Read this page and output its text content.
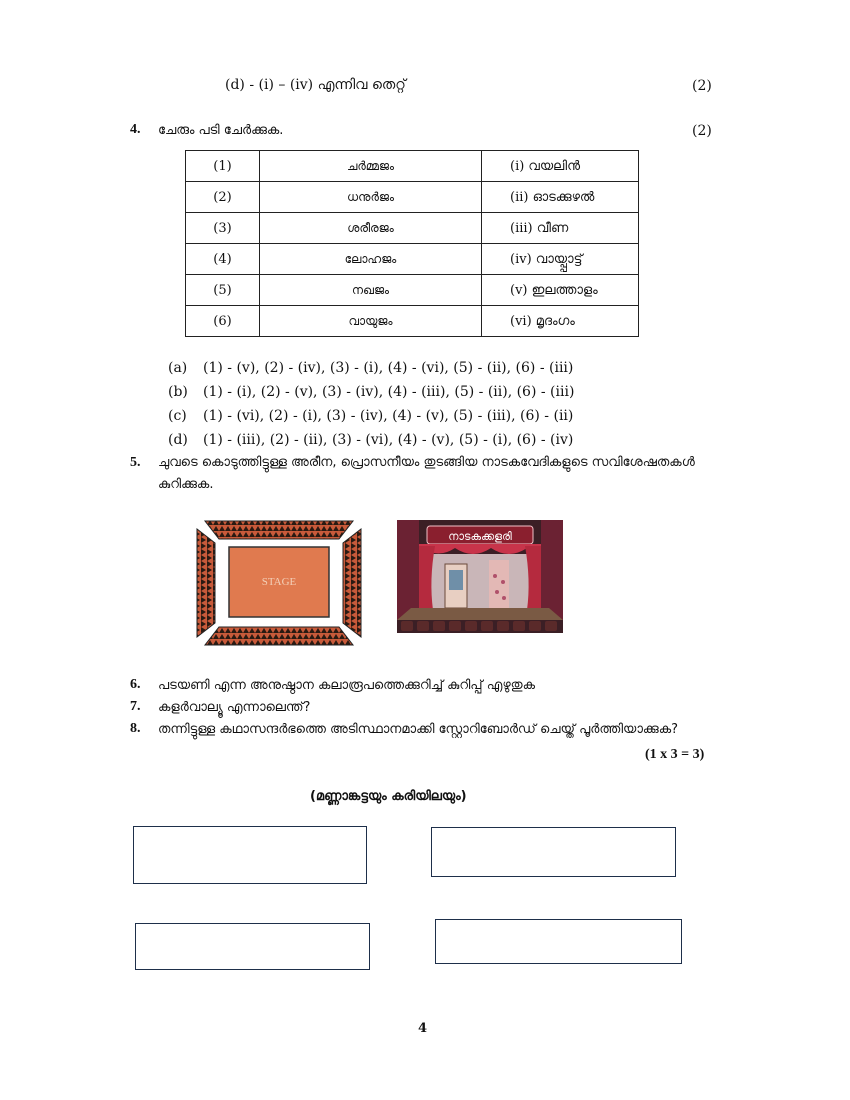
(d) - (i) – (iv) എന്നിവ തെറ്റ്	(2)
4. ചേരും പടി ചേർക്കുക.	(2)
(1)	ചർമ്മജം	(i) വയലിൻ
(2)	ധനുർജം	(ii) ഓടക്കുഴൽ
(3)	ശരീരജം	(iii) വീണ
(4)	ലോഹജം	(iv) വായ്പ്പാട്ട്
(5)	നഖജം	(v) ഇലത്താളം
(6)	വായുജം	(vi) മൃദംഗം
(a) (1) - (v), (2) - (iv), (3) - (i), (4) - (vi), (5) - (ii), (6) - (iii)
(b) (1) - (i), (2) - (v), (3) - (iv), (4) - (iii), (5) - (ii), (6) - (iii)
(c) (1) - (vi), (2) - (i), (3) - (iv), (4) - (v), (5) - (iii), (6) - (ii)
(d) (1) - (iii), (2) - (ii), (3) - (vi), (4) - (v), (5) - (i), (6) - (iv)
5. ചുവടെ കൊടുത്തിട്ടുള്ള അരീന, പ്രൊസനീയം തുടങ്ങിയ നാടകവേദികളുടെ സവിശേഷതകൾ കുറിക്കുക.
STAGE
നാടകക്കളരി
6. പടയണി എന്ന അനുഷ്ഠാന കലാരൂപത്തെക്കുറിച്ച് കുറിപ്പ് എഴുതുക
7. കളർവാല്യൂ എന്നാലെന്ത്?
8. തന്നിട്ടുള്ള കഥാസന്ദർഭത്തെ അടിസ്ഥാനമാക്കി സ്റ്റോറിബോർഡ് ചെയ്ത് പൂർത്തിയാക്കുക?
(1 x 3 = 3)
(മണ്ണാങ്കട്ടയും കരിയിലയും)
4
